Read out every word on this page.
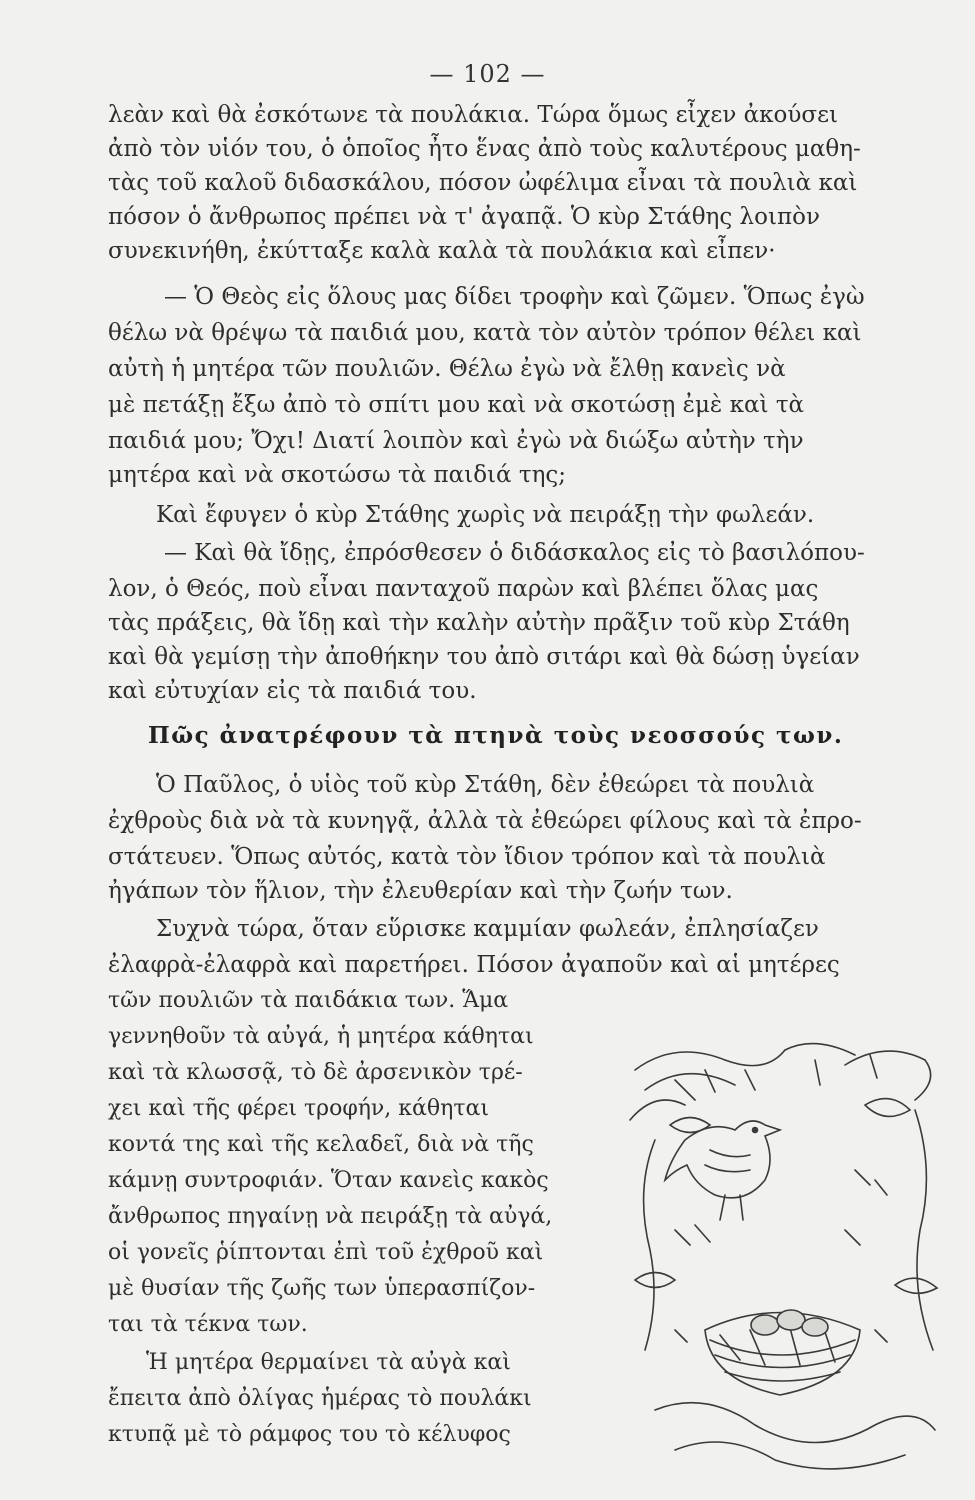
— 102 —
λεὰν καὶ θὰ ἐσκότωνε τὰ πουλάκια. Τώρα ὅμως εἶχεν ἀκούσει
ἀπὸ τὸν υἱόν του, ὁ ὁποῖος ἦτο ἕνας ἀπὸ τοὺς καλυτέρους μαθη-
τὰς τοῦ καλοῦ διδασκάλου, πόσον ὠφέλιμα εἶναι τὰ πουλιὰ καὶ
πόσον ὁ ἄνθρωπος πρέπει νὰ τ' ἀγαπᾷ. Ὁ κὺρ Στάθης λοιπὸν
συνεκινήθη, ἐκύτταξε καλὰ καλὰ τὰ πουλάκια καὶ εἶπεν·
— Ὁ Θεὸς εἰς ὅλους μας δίδει τροφὴν καὶ ζῶμεν. Ὅπως ἐγὼ
θέλω νὰ θρέψω τὰ παιδιά μου, κατὰ τὸν αὐτὸν τρόπον θέλει καὶ
αὐτὴ ἡ μητέρα τῶν πουλιῶν. Θέλω ἐγὼ νὰ ἔλθῃ κανεὶς νὰ
μὲ πετάξῃ ἔξω ἀπὸ τὸ σπίτι μου καὶ νὰ σκοτώσῃ ἐμὲ καὶ τὰ
παιδιά μου; Ὄχι! Διατί λοιπὸν καὶ ἐγὼ νὰ διώξω αὐτὴν τὴν
μητέρα καὶ νὰ σκοτώσω τὰ παιδιά της;
Καὶ ἔφυγεν ὁ κὺρ Στάθης χωρὶς νὰ πειράξῃ τὴν φωλεάν.
— Καὶ θὰ ἴδῃς, ἐπρόσθεσεν ὁ διδάσκαλος εἰς τὸ βασιλόπου-
λον, ὁ Θεός, ποὺ εἶναι πανταχοῦ παρὼν καὶ βλέπει ὅλας μας
τὰς πράξεις, θὰ ἴδῃ καὶ τὴν καλὴν αὐτὴν πρᾶξιν τοῦ κὺρ Στάθη
καὶ θὰ γεμίσῃ τὴν ἀποθήκην του ἀπὸ σιτάρι καὶ θὰ δώσῃ ὑγείαν
καὶ εὐτυχίαν εἰς τὰ παιδιά του.
Πῶς ἀνατρέφουν τὰ πτηνὰ τοὺς νεοσσούς των.
Ὁ Παῦλος, ὁ υἱὸς τοῦ κὺρ Στάθη, δὲν ἐθεώρει τὰ πουλιὰ
ἐχθροὺς διὰ νὰ τὰ κυνηγᾷ, ἀλλὰ τὰ ἐθεώρει φίλους καὶ τὰ ἐπρο-
στάτευεν. Ὅπως αὐτός, κατὰ τὸν ἴδιον τρόπον καὶ τὰ πουλιὰ
ἠγάπων τὸν ἥλιον, τὴν ἐλευθερίαν καὶ τὴν ζωήν των.
Συχνὰ τώρα, ὅταν εὕρισκε καμμίαν φωλεάν, ἐπλησίαζεν
ἐλαφρὰ-ἐλαφρὰ καὶ παρετήρει. Πόσον ἀγαποῦν καὶ αἱ μητέρες
τῶν πουλιῶν τὰ παιδάκια των. Ἅμα
γεννηθοῦν τὰ αὐγά, ἡ μητέρα κάθηται
καὶ τὰ κλωσσᾷ, τὸ δὲ ἀρσενικὸν τρέ-
χει καὶ τῆς φέρει τροφήν, κάθηται
κοντά της καὶ τῆς κελαδεῖ, διὰ νὰ τῆς
κάμνῃ συντροφιάν. Ὅταν κανεὶς κακὸς
ἄνθρωπος πηγαίνῃ νὰ πειράξῃ τὰ αὐγά,
οἱ γονεῖς ῥίπτονται ἐπὶ τοῦ ἐχθροῦ καὶ
μὲ θυσίαν τῆς ζωῆς των ὑπερασπίζον-
ται τὰ τέκνα των.
Ἡ μητέρα θερμαίνει τὰ αὐγὰ καὶ
ἔπειτα ἀπὸ ὀλίγας ἡμέρας τὸ πουλάκι
κτυπᾷ μὲ τὸ ράμφος του τὸ κέλυφος
